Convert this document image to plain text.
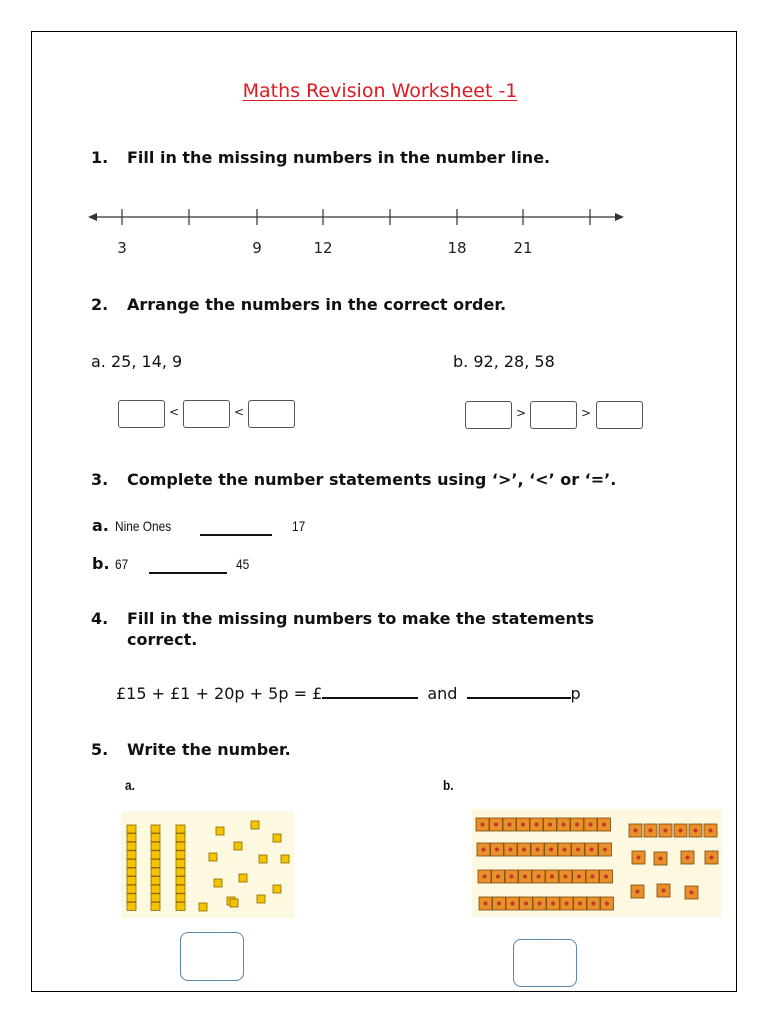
Maths Revision Worksheet -1
1. Fill in the missing numbers in the number line.
3	9	12	18	21
2. Arrange the numbers in the correct order.
a. 25, 14, 9	b. 92, 28, 58
<	<	>	>
3. Complete the number statements using ‘>’, ‘<’ or ‘=’.
a. Nine Ones	17
b. 67	45
4. Fill in the missing numbers to make the statements
correct.
£15 + £1 + 20p + 5p = £	and	p
5. Write the number.
a.	b.
